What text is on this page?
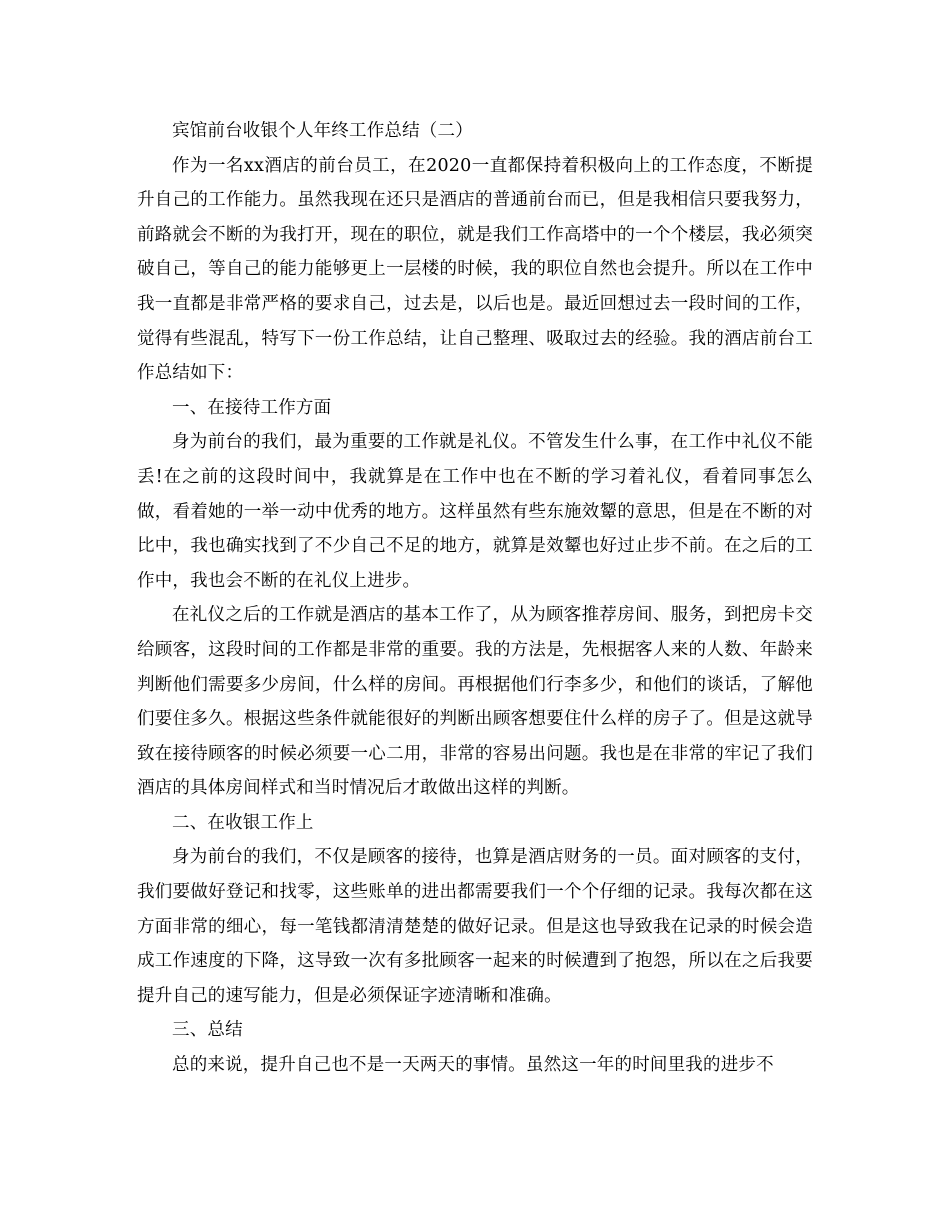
宾馆前台收银个人年终工作总结（二）

作为一名xx酒店的前台员工，在2020一直都保持着积极向上的工作态度，不断提升自己的工作能力。虽然我现在还只是酒店的普通前台而已，但是我相信只要我努力，前路就会不断的为我打开，现在的职位，就是我们工作高塔中的一个个楼层，我必须突破自己，等自己的能力能够更上一层楼的时候，我的职位自然也会提升。所以在工作中我一直都是非常严格的要求自己，过去是，以后也是。最近回想过去一段时间的工作，觉得有些混乱，特写下一份工作总结，让自己整理、吸取过去的经验。我的酒店前台工作总结如下：

一、在接待工作方面

身为前台的我们，最为重要的工作就是礼仪。不管发生什么事，在工作中礼仪不能丢!在之前的这段时间中，我就算是在工作中也在不断的学习着礼仪，看着同事怎么做，看着她的一举一动中优秀的地方。这样虽然有些东施效颦的意思，但是在不断的对比中，我也确实找到了不少自己不足的地方，就算是效颦也好过止步不前。在之后的工作中，我也会不断的在礼仪上进步。

在礼仪之后的工作就是酒店的基本工作了，从为顾客推荐房间、服务，到把房卡交给顾客，这段时间的工作都是非常的重要。我的方法是，先根据客人来的人数、年龄来判断他们需要多少房间，什么样的房间。再根据他们行李多少，和他们的谈话，了解他们要住多久。根据这些条件就能很好的判断出顾客想要住什么样的房子了。但是这就导致在接待顾客的时候必须要一心二用，非常的容易出问题。我也是在非常的牢记了我们酒店的具体房间样式和当时情况后才敢做出这样的判断。

二、在收银工作上

身为前台的我们，不仅是顾客的接待，也算是酒店财务的一员。面对顾客的支付，我们要做好登记和找零，这些账单的进出都需要我们一个个仔细的记录。我每次都在这方面非常的细心，每一笔钱都清清楚楚的做好记录。但是这也导致我在记录的时候会造成工作速度的下降，这导致一次有多批顾客一起来的时候遭到了抱怨，所以在之后我要提升自己的速写能力，但是必须保证字迹清晰和准确。

三、总结

总的来说，提升自己也不是一天两天的事情。虽然这一年的时间里我的进步不
